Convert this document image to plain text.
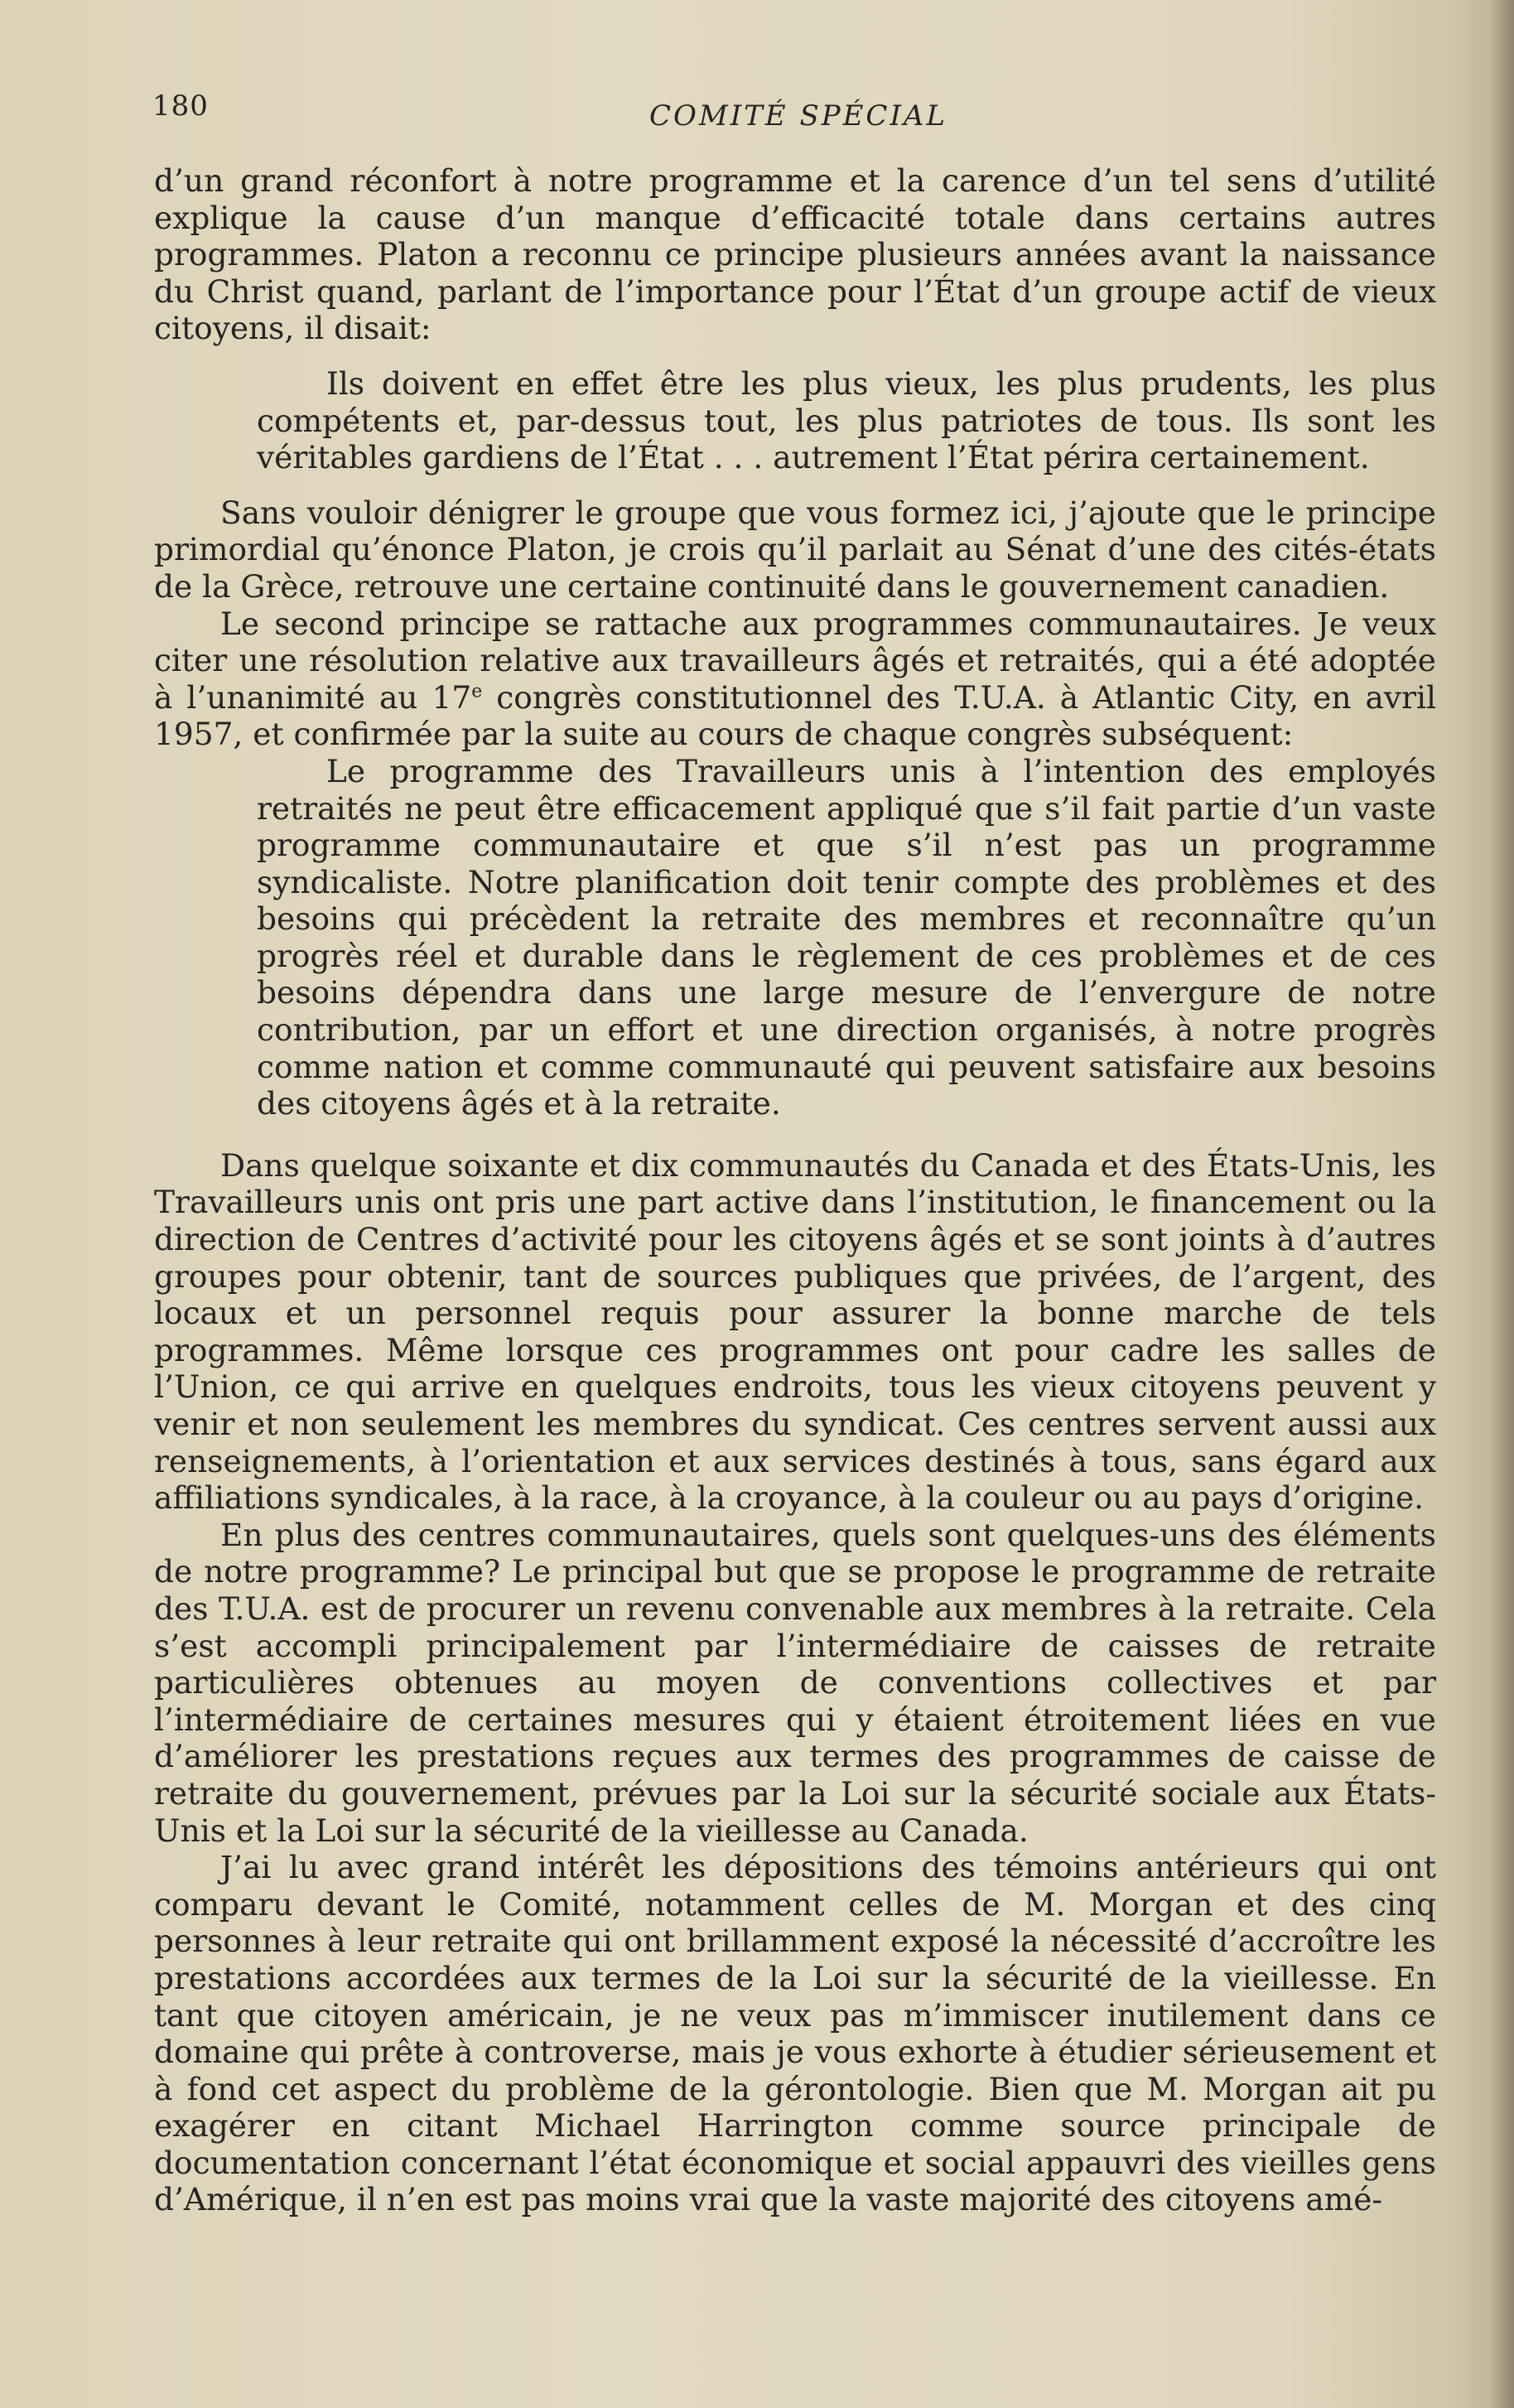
180	COMITÉ SPÉCIAL

d’un grand réconfort à notre programme et la carence d’un tel sens d’utilité explique la cause d’un manque d’efficacité totale dans certains autres programmes. Platon a reconnu ce principe plusieurs années avant la naissance du Christ quand, parlant de l’importance pour l’État d’un groupe actif de vieux citoyens, il disait:

Ils doivent en effet être les plus vieux, les plus prudents, les plus compétents et, par-dessus tout, les plus patriotes de tous. Ils sont les véritables gardiens de l’État . . . autrement l’État périra certainement.

Sans vouloir dénigrer le groupe que vous formez ici, j’ajoute que le principe primordial qu’énonce Platon, je crois qu’il parlait au Sénat d’une des cités-états de la Grèce, retrouve une certaine continuité dans le gouvernement canadien.

Le second principe se rattache aux programmes communautaires. Je veux citer une résolution relative aux travailleurs âgés et retraités, qui a été adoptée à l’unanimité au 17e congrès constitutionnel des T.U.A. à Atlantic City, en avril 1957, et confirmée par la suite au cours de chaque congrès subséquent:

Le programme des Travailleurs unis à l’intention des employés retraités ne peut être efficacement appliqué que s’il fait partie d’un vaste programme communautaire et que s’il n’est pas un programme syndicaliste. Notre planification doit tenir compte des problèmes et des besoins qui précèdent la retraite des membres et reconnaître qu’un progrès réel et durable dans le règlement de ces problèmes et de ces besoins dépendra dans une large mesure de l’envergure de notre contribution, par un effort et une direction organisés, à notre progrès comme nation et comme communauté qui peuvent satisfaire aux besoins des citoyens âgés et à la retraite.

Dans quelque soixante et dix communautés du Canada et des États-Unis, les Travailleurs unis ont pris une part active dans l’institution, le financement ou la direction de Centres d’activité pour les citoyens âgés et se sont joints à d’autres groupes pour obtenir, tant de sources publiques que privées, de l’argent, des locaux et un personnel requis pour assurer la bonne marche de tels programmes. Même lorsque ces programmes ont pour cadre les salles de l’Union, ce qui arrive en quelques endroits, tous les vieux citoyens peuvent y venir et non seulement les membres du syndicat. Ces centres servent aussi aux renseignements, à l’orientation et aux services destinés à tous, sans égard aux affiliations syndicales, à la race, à la croyance, à la couleur ou au pays d’origine.

En plus des centres communautaires, quels sont quelques-uns des éléments de notre programme? Le principal but que se propose le programme de retraite des T.U.A. est de procurer un revenu convenable aux membres à la retraite. Cela s’est accompli principalement par l’intermédiaire de caisses de retraite particulières obtenues au moyen de conventions collectives et par l’intermédiaire de certaines mesures qui y étaient étroitement liées en vue d’améliorer les prestations reçues aux termes des programmes de caisse de retraite du gouvernement, prévues par la Loi sur la sécurité sociale aux États-Unis et la Loi sur la sécurité de la vieillesse au Canada.

J’ai lu avec grand intérêt les dépositions des témoins antérieurs qui ont comparu devant le Comité, notamment celles de M. Morgan et des cinq personnes à leur retraite qui ont brillamment exposé la nécessité d’accroître les prestations accordées aux termes de la Loi sur la sécurité de la vieillesse. En tant que citoyen américain, je ne veux pas m’immiscer inutilement dans ce domaine qui prête à controverse, mais je vous exhorte à étudier sérieusement et à fond cet aspect du problème de la gérontologie. Bien que M. Morgan ait pu exagérer en citant Michael Harrington comme source principale de documentation concernant l’état économique et social appauvri des vieilles gens d’Amérique, il n’en est pas moins vrai que la vaste majorité des citoyens amé-
